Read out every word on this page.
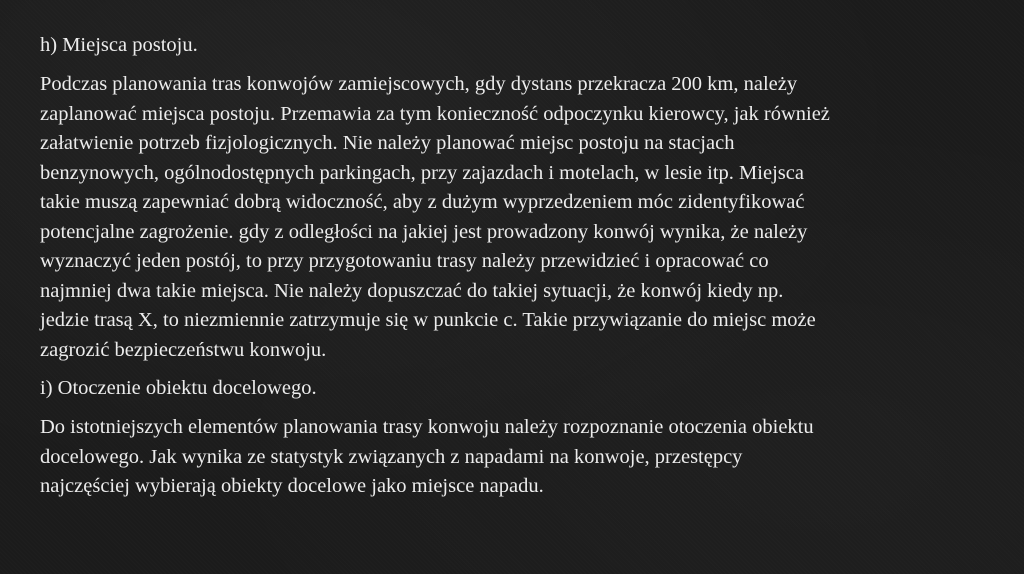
h) Miejsca postoju.
Podczas planowania tras konwojów zamiejscowych, gdy dystans przekracza 200 km, należy
zaplanować miejsca postoju. Przemawia za tym konieczność odpoczynku kierowcy, jak również
załatwienie potrzeb fizjologicznych. Nie należy planować miejsc postoju na stacjach
benzynowych, ogólnodostępnych parkingach, przy zajazdach i motelach, w lesie itp. Miejsca
takie muszą zapewniać dobrą widoczność, aby z dużym wyprzedzeniem móc zidentyfikować
potencjalne zagrożenie. gdy z odległości na jakiej jest prowadzony konwój wynika, że należy
wyznaczyć jeden postój, to przy przygotowaniu trasy należy przewidzieć i opracować co
najmniej dwa takie miejsca. Nie należy dopuszczać do takiej sytuacji, że konwój kiedy np.
jedzie trasą X, to niezmiennie zatrzymuje się w punkcie c. Takie przywiązanie do miejsc może
zagrozić bezpieczeństwu konwoju.
i) Otoczenie obiektu docelowego.
Do istotniejszych elementów planowania trasy konwoju należy rozpoznanie otoczenia obiektu
docelowego. Jak wynika ze statystyk związanych z napadami na konwoje, przestępcy
najczęściej wybierają obiekty docelowe jako miejsce napadu.
